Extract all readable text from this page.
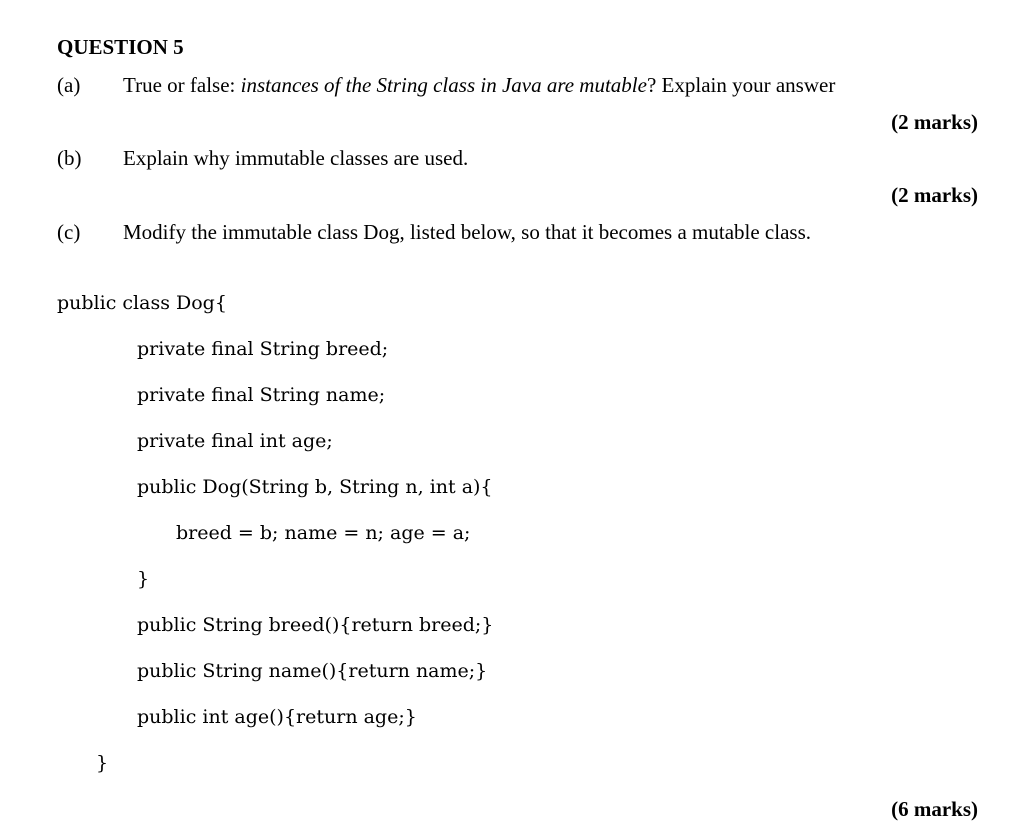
QUESTION 5
(a) True or false: instances of the String class in Java are mutable? Explain your answer
(2 marks)
(b) Explain why immutable classes are used.
(2 marks)
(c) Modify the immutable class Dog, listed below, so that it becomes a mutable class.
public class Dog{
private final String breed;
private final String name;
private final int age;
public Dog(String b, String n, int a){
breed = b; name = n; age = a;
}
public String breed(){return breed;}
public String name(){return name;}
public int age(){return age;}
}
(6 marks)
